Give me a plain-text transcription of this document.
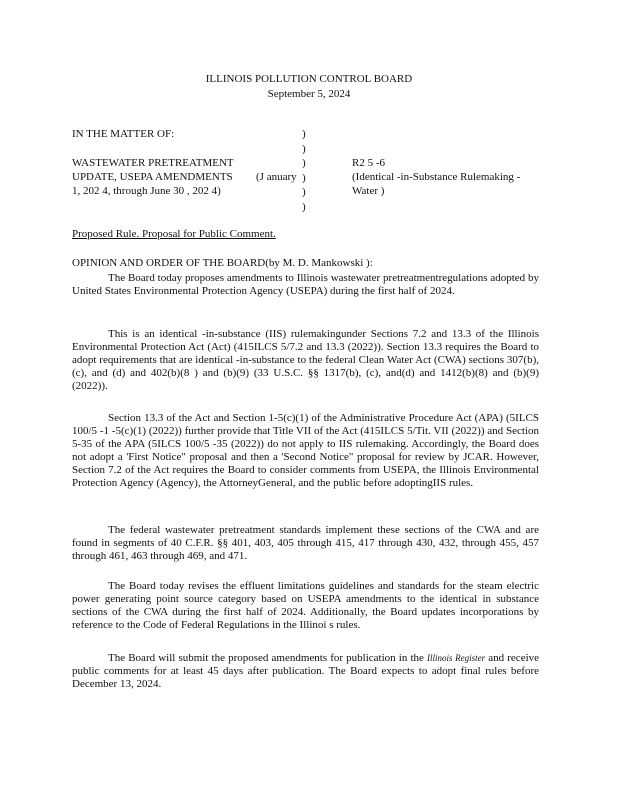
ILLINOIS POLLUTION CONTROL BOARD
September 5, 2024
IN THE MATTER OF:	)
)
)
)
)
)
WASTEWATER PRETREATMENT
UPDATE, USEPA AMENDMENTS (J anuary
1, 202 4, through June 30 , 202 4)
R2 5 -6
(Identical -in-Substance Rulemaking -
Water )
Proposed Rule. Proposal for Public Comment.
OPINION AND ORDER OF THE BOARD(by M. D. Mankowski ):

The Board today proposes amendments to Illinois wastewater pretreatmentregulations adopted by United States Environmental Protection Agency (USEPA) during the first half of 2024.

This is an identical -in-substance (IIS) rulemakingunder Sections 7.2 and 13.3 of the Illinois Environmental Protection Act (Act) (415ILCS 5/7.2 and 13.3 (2022)). Section 13.3 requires the Board to adopt requirements that are identical -in-substance to the federal Clean Water Act (CWA) sections 307(b), (c), and (d) and 402(b)(8 ) and (b)(9) (33 U.S.C. §§ 1317(b), (c), and(d) and 1412(b)(8) and (b)(9) (2022)).

Section 13.3 of the Act and Section 1-5(c)(1) of the Administrative Procedure Act (APA) (5ILCS 100/5 -1 -5(c)(1) (2022)) further provide that Title VII of the Act (415ILCS 5/Tit. VII (2022)) and Section 5-35 of the APA (5ILCS 100/5 -35 (2022)) do not apply to IIS rulemaking. Accordingly, the Board does not adopt a 'First Notice" proposal and then a 'Second Notice" proposal for review by JCAR. However, Section 7.2 of the Act requires the Board to consider comments from USEPA, the Illinois Environmental Protection Agency (Agency), the AttorneyGeneral, and the public before adoptingIIS rules.

The federal wastewater pretreatment standards implement these sections of the CWA and are found in segments of 40 C.F.R. §§ 401, 403, 405 through 415, 417 through 430, 432, through 455, 457 through 461, 463 through 469, and 471.

The Board today revises the effluent limitations guidelines and standards for the steam electric power generating point source category based on USEPA amendments to the identical in substance sections of the CWA during the first half of 2024. Additionally, the Board updates incorporations by reference to the Code of Federal Regulations in the Illinoi s rules.

The Board will submit the proposed amendments for publication in the Illinois Register and receive public comments for at least 45 days after publication. The Board expects to adopt final rules before December 13, 2024.
